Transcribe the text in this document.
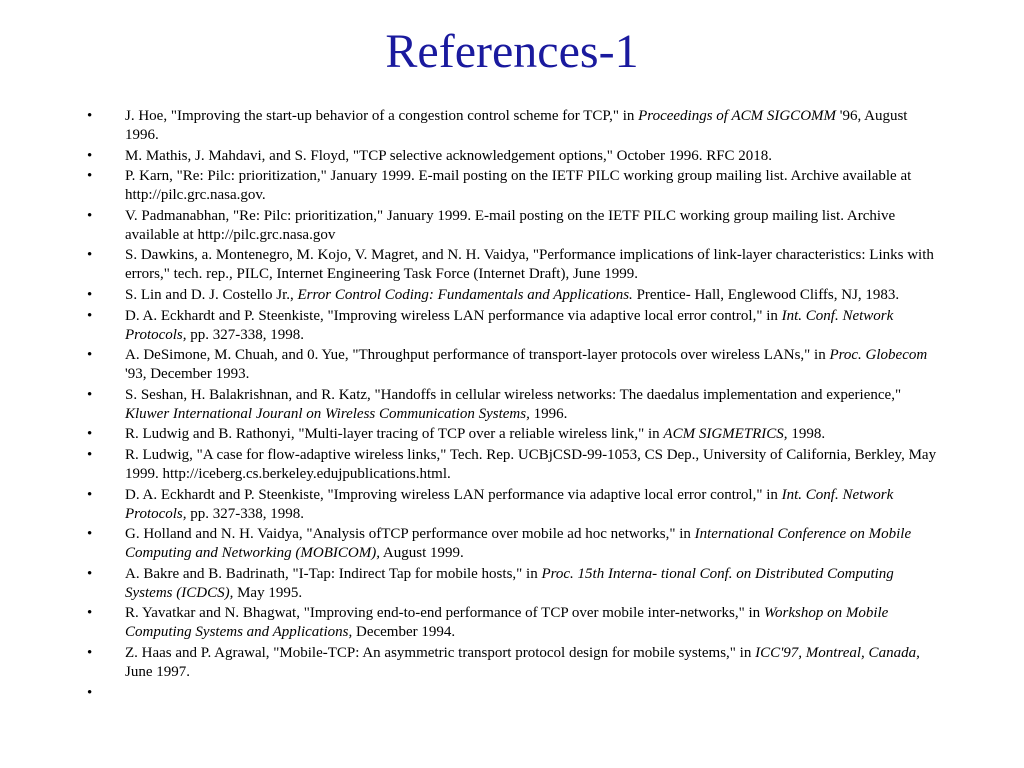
References-1
• J. Hoe, "Improving the start-up behavior of a congestion control scheme for TCP," in Proceedings of ACM SIGCOMM '96, August 1996.
• M. Mathis, J. Mahdavi, and S. Floyd, "TCP selective acknowledgement options," October 1996. RFC 2018.
• P. Karn, "Re: Pilc: prioritization," January 1999. E-mail posting on the IETF PILC working group mailing list. Archive available at http://pilc.grc.nasa.gov.
• V. Padmanabhan, "Re: Pilc: prioritization," January 1999. E-mail posting on the IETF PILC working group mailing list. Archive available at http://pilc.grc.nasa.gov
• S. Dawkins, a. Montenegro, M. Kojo, V. Magret, and N. H. Vaidya, "Performance implications of link-layer characteristics: Links with errors," tech. rep., PILC, Internet Engineering Task Force (Internet Draft), June 1999.
• S. Lin and D. J. Costello Jr., Error Control Coding: Fundamentals and Applications. Prentice- Hall, Englewood Cliffs, NJ, 1983.
• D. A. Eckhardt and P. Steenkiste, "Improving wireless LAN performance via adaptive local error control," in Int. Conf. Network Protocols, pp. 327-338, 1998.
• A. DeSimone, M. Chuah, and 0. Yue, "Throughput performance of transport-layer protocols over wireless LANs," in Proc. Globecom '93, December 1993.
• S. Seshan, H. Balakrishnan, and R. Katz, "Handoffs in cellular wireless networks: The daedalus implementation and experience," Kluwer International Jouranl on Wireless Communication Systems, 1996.
• R. Ludwig and B. Rathonyi, "Multi-layer tracing of TCP over a reliable wireless link," in ACM SIGMETRICS, 1998.
• R. Ludwig, "A case for flow-adaptive wireless links," Tech. Rep. UCBjCSD-99-1053, CS Dep., University of California, Berkley, May 1999. http://iceberg.cs.berkeley.edujpublications.html.
• D. A. Eckhardt and P. Steenkiste, "Improving wireless LAN performance via adaptive local error control," in Int. Conf. Network Protocols, pp. 327-338, 1998.
• G. Holland and N. H. Vaidya, "Analysis ofTCP performance over mobile ad hoc networks," in International Conference on Mobile Computing and Networking (MOBICOM), August 1999.
• A. Bakre and B. Badrinath, "I-Tap: Indirect Tap for mobile hosts," in Proc. 15th Interna- tional Conf. on Distributed Computing Systems (ICDCS), May 1995.
• R. Yavatkar and N. Bhagwat, "Improving end-to-end performance of TCP over mobile inter-networks," in Workshop on Mobile Computing Systems and Applications, December 1994.
• Z. Haas and P. Agrawal, "Mobile-TCP: An asymmetric transport protocol design for mobile systems," in ICC'97, Montreal, Canada, June 1997.
•
